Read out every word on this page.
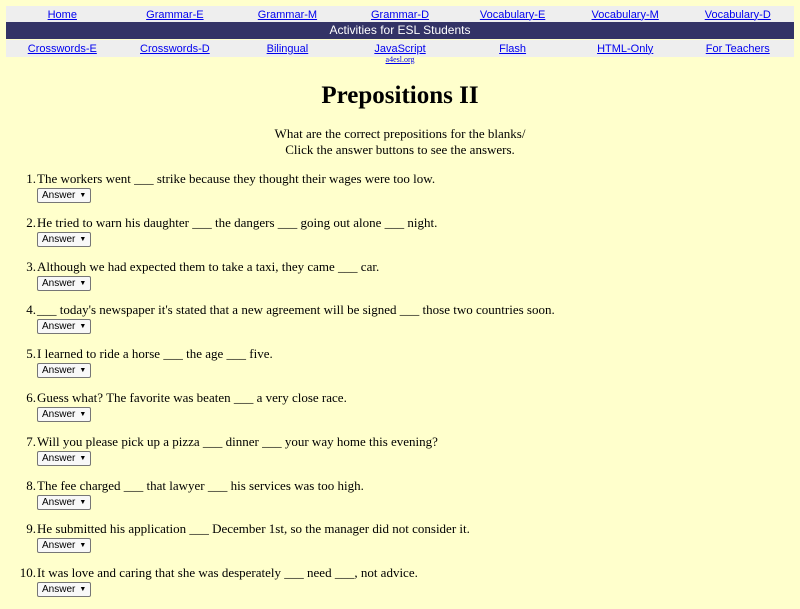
Home	Grammar-E	Grammar-M	Grammar-D	Vocabulary-E	Vocabulary-M	Vocabulary-D
Activities for ESL Students
Crosswords-E	Crosswords-D	Bilingual	JavaScript	Flash	HTML-Only	For Teachers
a4esl.org
Prepositions II
What are the correct prepositions for the blanks/
Click the answer buttons to see the answers.
1. The workers went ___ strike because they thought their wages were too low.
Answer ▼
2. He tried to warn his daughter ___ the dangers ___ going out alone ___ night.
Answer ▼
3. Although we had expected them to take a taxi, they came ___ car.
Answer ▼
4. ___ today's newspaper it's stated that a new agreement will be signed ___ those two countries soon.
Answer ▼
5. I learned to ride a horse ___ the age ___ five.
Answer ▼
6. Guess what? The favorite was beaten ___ a very close race.
Answer ▼
7. Will you please pick up a pizza ___ dinner ___ your way home this evening?
Answer ▼
8. The fee charged ___ that lawyer ___ his services was too high.
Answer ▼
9. He submitted his application ___ December 1st, so the manager did not consider it.
Answer ▼
10. It was love and caring that she was desperately ___ need ___, not advice.
Answer ▼
